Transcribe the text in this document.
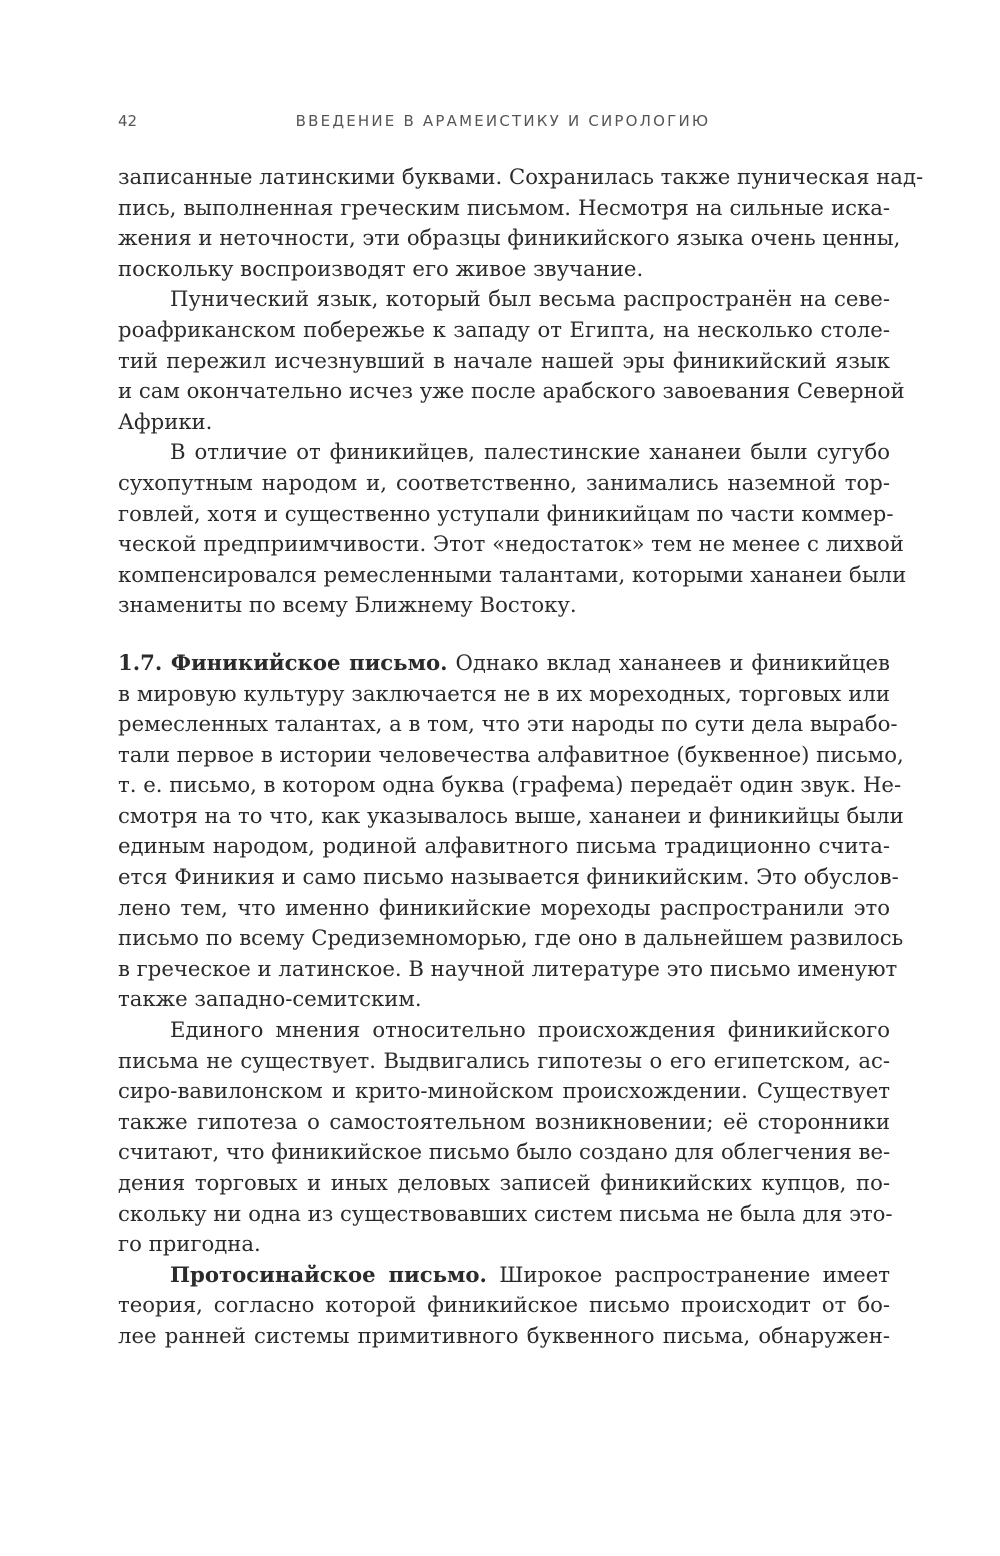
42	ВВЕДЕНИЕ В АРАМЕИСТИКУ И СИРОЛОГИЮ
записанные латинскими буквами. Сохранилась также пуническая над-
пись, выполненная греческим письмом. Несмотря на сильные иска-
жения и неточности, эти образцы финикийского языка очень ценны,
поскольку воспроизводят его живое звучание.
Пунический язык, который был весьма распространён на севе-
роафриканском побережье к западу от Египта, на несколько столе-
тий пережил исчезнувший в начале нашей эры финикийский язык
и сам окончательно исчез уже после арабского завоевания Северной
Африки.
В отличие от финикийцев, палестинские хананеи были сугубо
сухопутным народом и, соответственно, занимались наземной тор-
говлей, хотя и существенно уступали финикийцам по части коммер-
ческой предприимчивости. Этот «недостаток» тем не менее с лихвой
компенсировался ремесленными талантами, которыми хананеи были
знамениты по всему Ближнему Востоку.
1.7. Финикийское письмо. Однако вклад хананеев и финикийцев
в мировую культуру заключается не в их мореходных, торговых или
ремесленных талантах, а в том, что эти народы по сути дела вырабо-
тали первое в истории человечества алфавитное (буквенное) письмо,
т. е. письмо, в котором одна буква (графема) передаёт один звук. Не-
смотря на то что, как указывалось выше, хананеи и финикийцы были
единым народом, родиной алфавитного письма традиционно счита-
ется Финикия и само письмо называется финикийским. Это обуслов-
лено тем, что именно финикийские мореходы распространили это
письмо по всему Средиземноморью, где оно в дальнейшем развилось
в греческое и латинское. В научной литературе это письмо именуют
также западно-семитским.
Единого мнения относительно происхождения финикийского
письма не существует. Выдвигались гипотезы о его египетском, ас-
сиро-вавилонском и крито-минойском происхождении. Существует
также гипотеза о самостоятельном возникновении; её сторонники
считают, что финикийское письмо было создано для облегчения ве-
дения торговых и иных деловых записей финикийских купцов, по-
скольку ни одна из существовавших систем письма не была для это-
го пригодна.
Протосинайское письмо. Широкое распространение имеет
теория, согласно которой финикийское письмо происходит от бо-
лее ранней системы примитивного буквенного письма, обнаружен-
